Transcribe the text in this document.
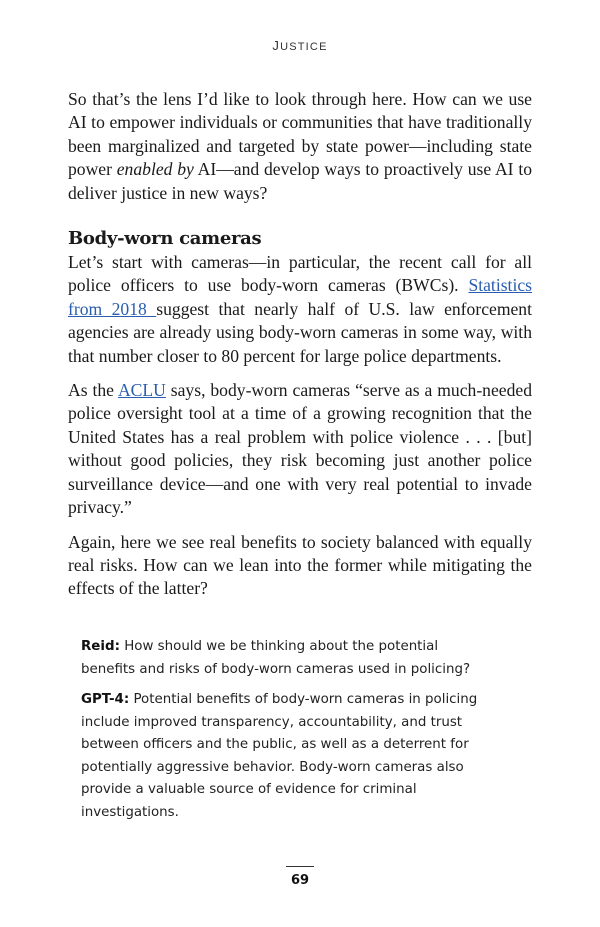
JUSTICE

So that’s the lens I’d like to look through here. How can we use AI to empower individuals or communities that have traditionally been marginalized and targeted by state power—including state power enabled by AI—and develop ways to proactively use AI to deliver justice in new ways?

Body-worn cameras

Let’s start with cameras—in particular, the recent call for all police officers to use body-worn cameras (BWCs). Statistics from 2018 suggest that nearly half of U.S. law enforcement agencies are already using body-worn cameras in some way, with that number closer to 80 percent for large police departments.

As the ACLU says, body-worn cameras “serve as a much-needed police oversight tool at a time of a growing recognition that the United States has a real problem with police violence . . . [but] without good policies, they risk becoming just another police surveillance device—and one with very real potential to invade privacy.”

Again, here we see real benefits to society balanced with equally real risks. How can we lean into the former while mitigating the effects of the latter?

Reid: How should we be thinking about the potential benefits and risks of body-worn cameras used in policing?

GPT-4: Potential benefits of body-worn cameras in policing include improved transparency, accountability, and trust between officers and the public, as well as a deterrent for potentially aggressive behavior. Body-worn cameras also provide a valuable source of evidence for criminal investigations.

69
